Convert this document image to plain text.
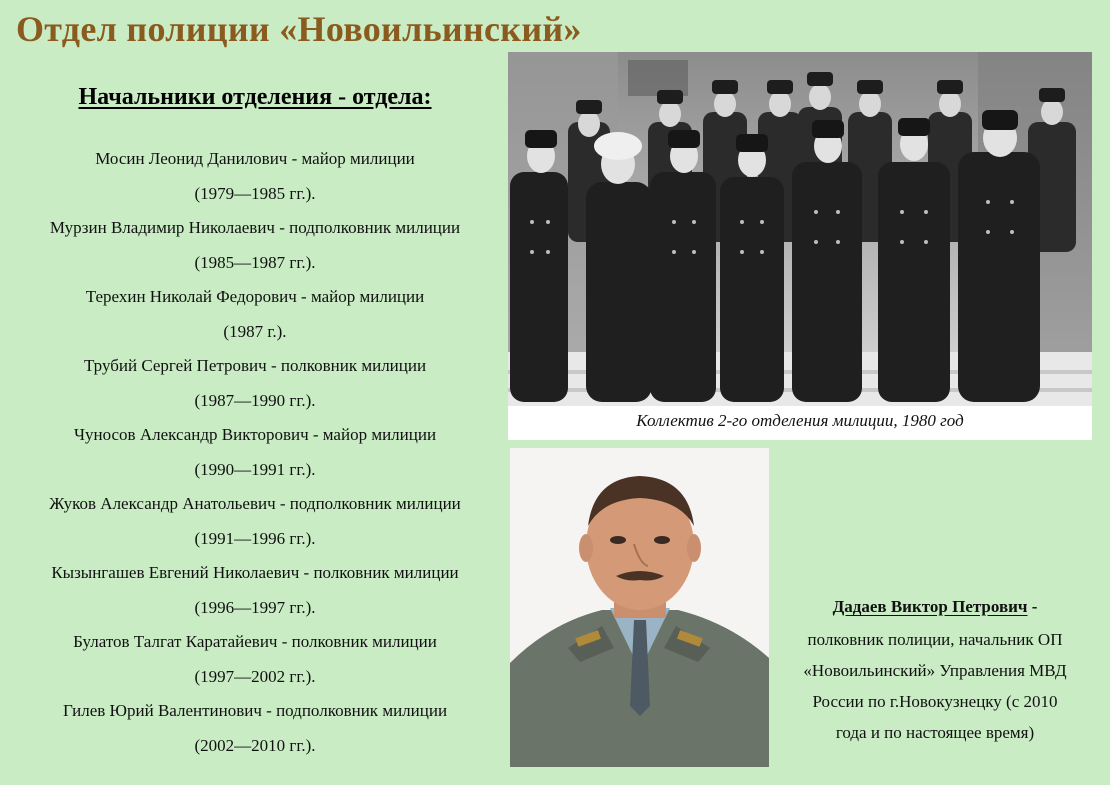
Отдел полиции «Новоильинский»
Начальники отделения - отдела:
Мосин Леонид Данилович - майор милиции
(1979—1985 гг.).
Мурзин Владимир Николаевич - подполковник милиции
(1985—1987 гг.).
Терехин Николай Федорович - майор милиции
(1987 г.).
Трубий Сергей Петрович - полковник милиции
(1987—1990 гг.).
Чуносов Александр Викторович - майор милиции
(1990—1991 гг.).
Жуков Александр Анатольевич - подполковник милиции
(1991—1996 гг.).
Кызынгашев Евгений Николаевич - полковник милиции
(1996—1997 гг.).
Булатов Талгат Каратайевич - полковник милиции
(1997—2002 гг.).
Гилев Юрий Валентинович - подполковник милиции
(2002—2010 гг.).
Коллектив 2-го отделения милиции, 1980 год
Дадаев Виктор Петрович -
полковник полиции, начальник ОП
«Новоильинский» Управления МВД
России по г.Новокузнецку (с 2010
года и по настоящее время)
